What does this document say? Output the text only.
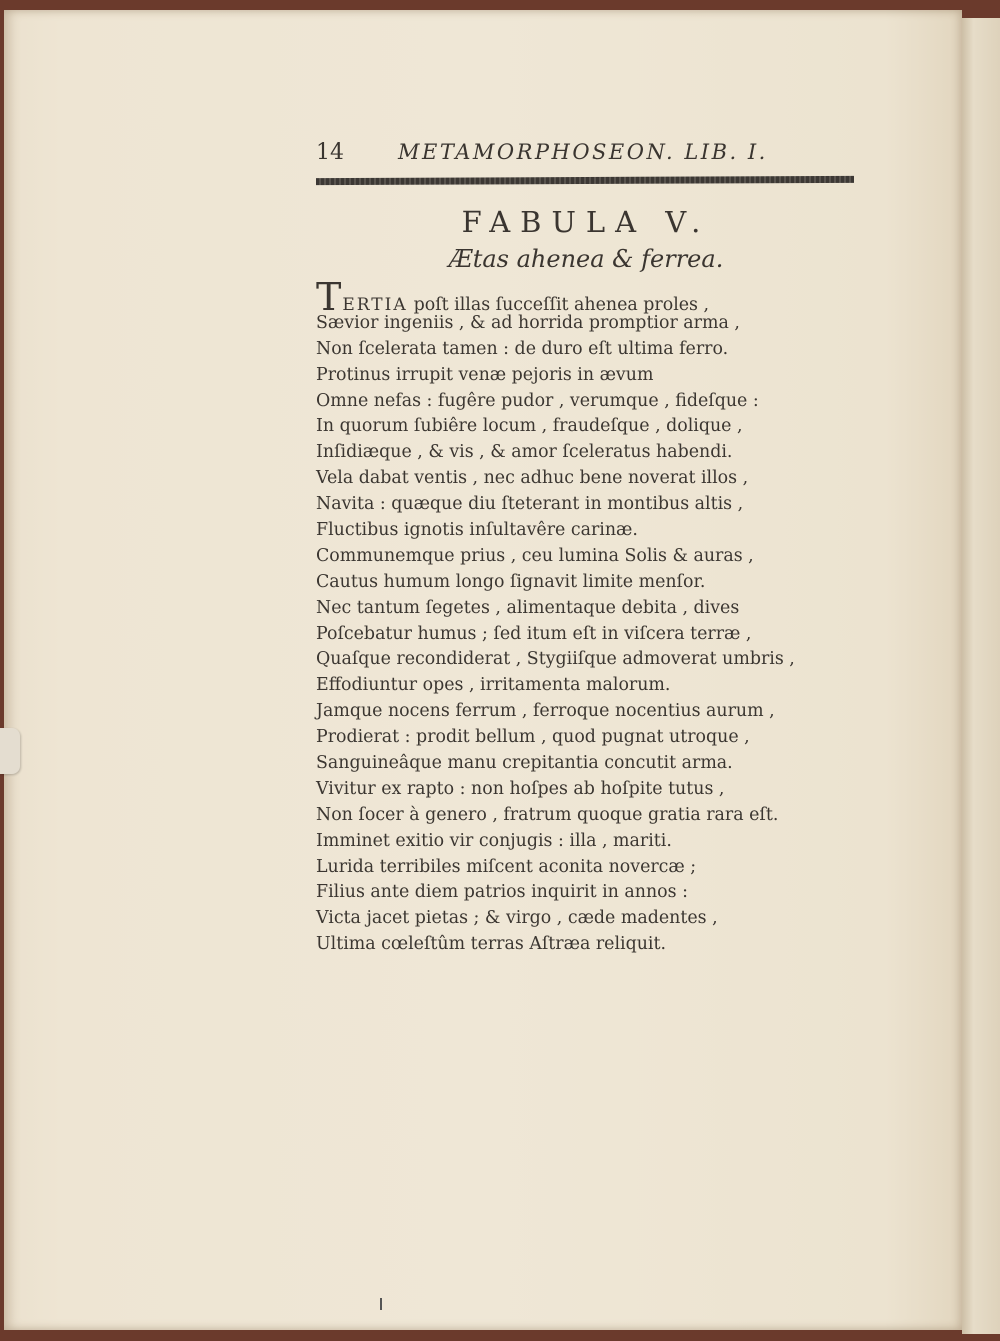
14	METAMORPHOSEON. LIB. I.
FABULA V.
Ætas ahenea & ferrea.
TERTIA poſt illas ſucceſſit ahenea proles ,
Sævior ingeniis , & ad horrida promptior arma ,
Non ſcelerata tamen : de duro eſt ultima ferro.
Protinus irrupit venæ pejoris in ævum
Omne nefas : fugêre pudor , verumque , fideſque :
In quorum ſubiêre locum , fraudeſque , dolique ,
Inſidiæque , & vis , & amor ſceleratus habendi.
Vela dabat ventis , nec adhuc bene noverat illos ,
Navita : quæque diu ſteterant in montibus altis ,
Fluctibus ignotis inſultavêre carinæ.
Communemque prius , ceu lumina Solis & auras ,
Cautus humum longo ſignavit limite menſor.
Nec tantum ſegetes , alimentaque debita , dives
Poſcebatur humus ; ſed itum eſt in viſcera terræ ,
Quaſque recondiderat , Stygiiſque admoverat umbris ,
Effodiuntur opes , irritamenta malorum.
Jamque nocens ferrum , ferroque nocentius aurum ,
Prodierat : prodit bellum , quod pugnat utroque ,
Sanguineâque manu crepitantia concutit arma.
Vivitur ex rapto : non hoſpes ab hoſpite tutus ,
Non ſocer à genero , fratrum quoque gratia rara eſt.
Imminet exitio vir conjugis : illa , mariti.
Lurida terribiles miſcent aconita novercæ ;
Filius ante diem patrios inquirit in annos :
Victa jacet pietas ; & virgo , cæde madentes ,
Ultima cœleſtûm terras Aſtræa reliquit.
